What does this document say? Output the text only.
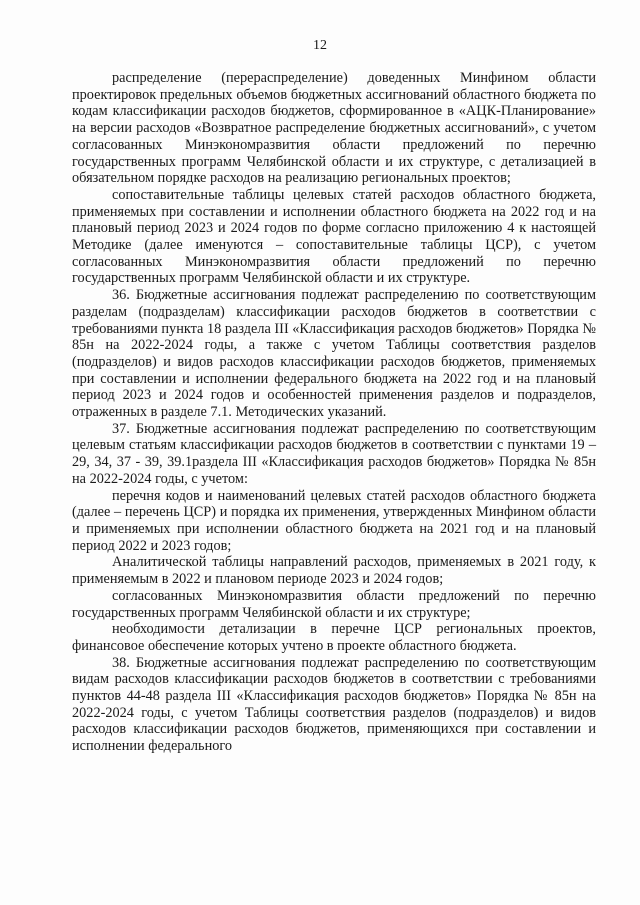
12

распределение (перераспределение) доведенных Минфином области проектировок предельных объемов бюджетных ассигнований областного бюджета по кодам классификации расходов бюджетов, сформированное в «АЦК-Планирование» на версии расходов «Возвратное распределение бюджетных ассигнований», с учетом согласованных Минэкономразвития области предложений по перечню государственных программ Челябинской области и их структуре, с детализацией в обязательном порядке расходов на реализацию региональных проектов;

сопоставительные таблицы целевых статей расходов областного бюджета, применяемых при составлении и исполнении областного бюджета на 2022 год и на плановый период 2023 и 2024 годов по форме согласно приложению 4 к настоящей Методике (далее именуются – сопоставительные таблицы ЦСР), с учетом согласованных Минэкономразвития области предложений по перечню государственных программ Челябинской области и их структуре.

36. Бюджетные ассигнования подлежат распределению по соответствующим разделам (подразделам) классификации расходов бюджетов в соответствии с требованиями пункта 18 раздела III «Классификация расходов бюджетов» Порядка № 85н на 2022-2024 годы, а также с учетом Таблицы соответствия разделов (подразделов) и видов расходов классификации расходов бюджетов, применяемых при составлении и исполнении федерального бюджета на 2022 год и на плановый период 2023 и 2024 годов и особенностей применения разделов и подразделов, отраженных в разделе 7.1. Методических указаний.

37. Бюджетные ассигнования подлежат распределению по соответствующим целевым статьям классификации расходов бюджетов в соответствии с пунктами 19 – 29, 34, 37 - 39, 39.1раздела III «Классификация расходов бюджетов» Порядка № 85н на 2022-2024 годы, с учетом:

перечня кодов и наименований целевых статей расходов областного бюджета (далее – перечень ЦСР) и порядка их применения, утвержденных Минфином области и применяемых при исполнении областного бюджета на 2021 год и на плановый период 2022 и 2023 годов;

Аналитической таблицы направлений расходов, применяемых в 2021 году, к применяемым в 2022 и плановом периоде 2023 и 2024 годов;

согласованных Минэкономразвития области предложений по перечню государственных программ Челябинской области и их структуре;

необходимости детализации в перечне ЦСР региональных проектов, финансовое обеспечение которых учтено в проекте областного бюджета.

38. Бюджетные ассигнования подлежат распределению по соответствующим видам расходов классификации расходов бюджетов в соответствии с требованиями пунктов 44-48 раздела III «Классификация расходов бюджетов» Порядка № 85н на 2022-2024 годы, с учетом Таблицы соответствия разделов (подразделов) и видов расходов классификации расходов бюджетов, применяющихся при составлении и исполнении федерального
